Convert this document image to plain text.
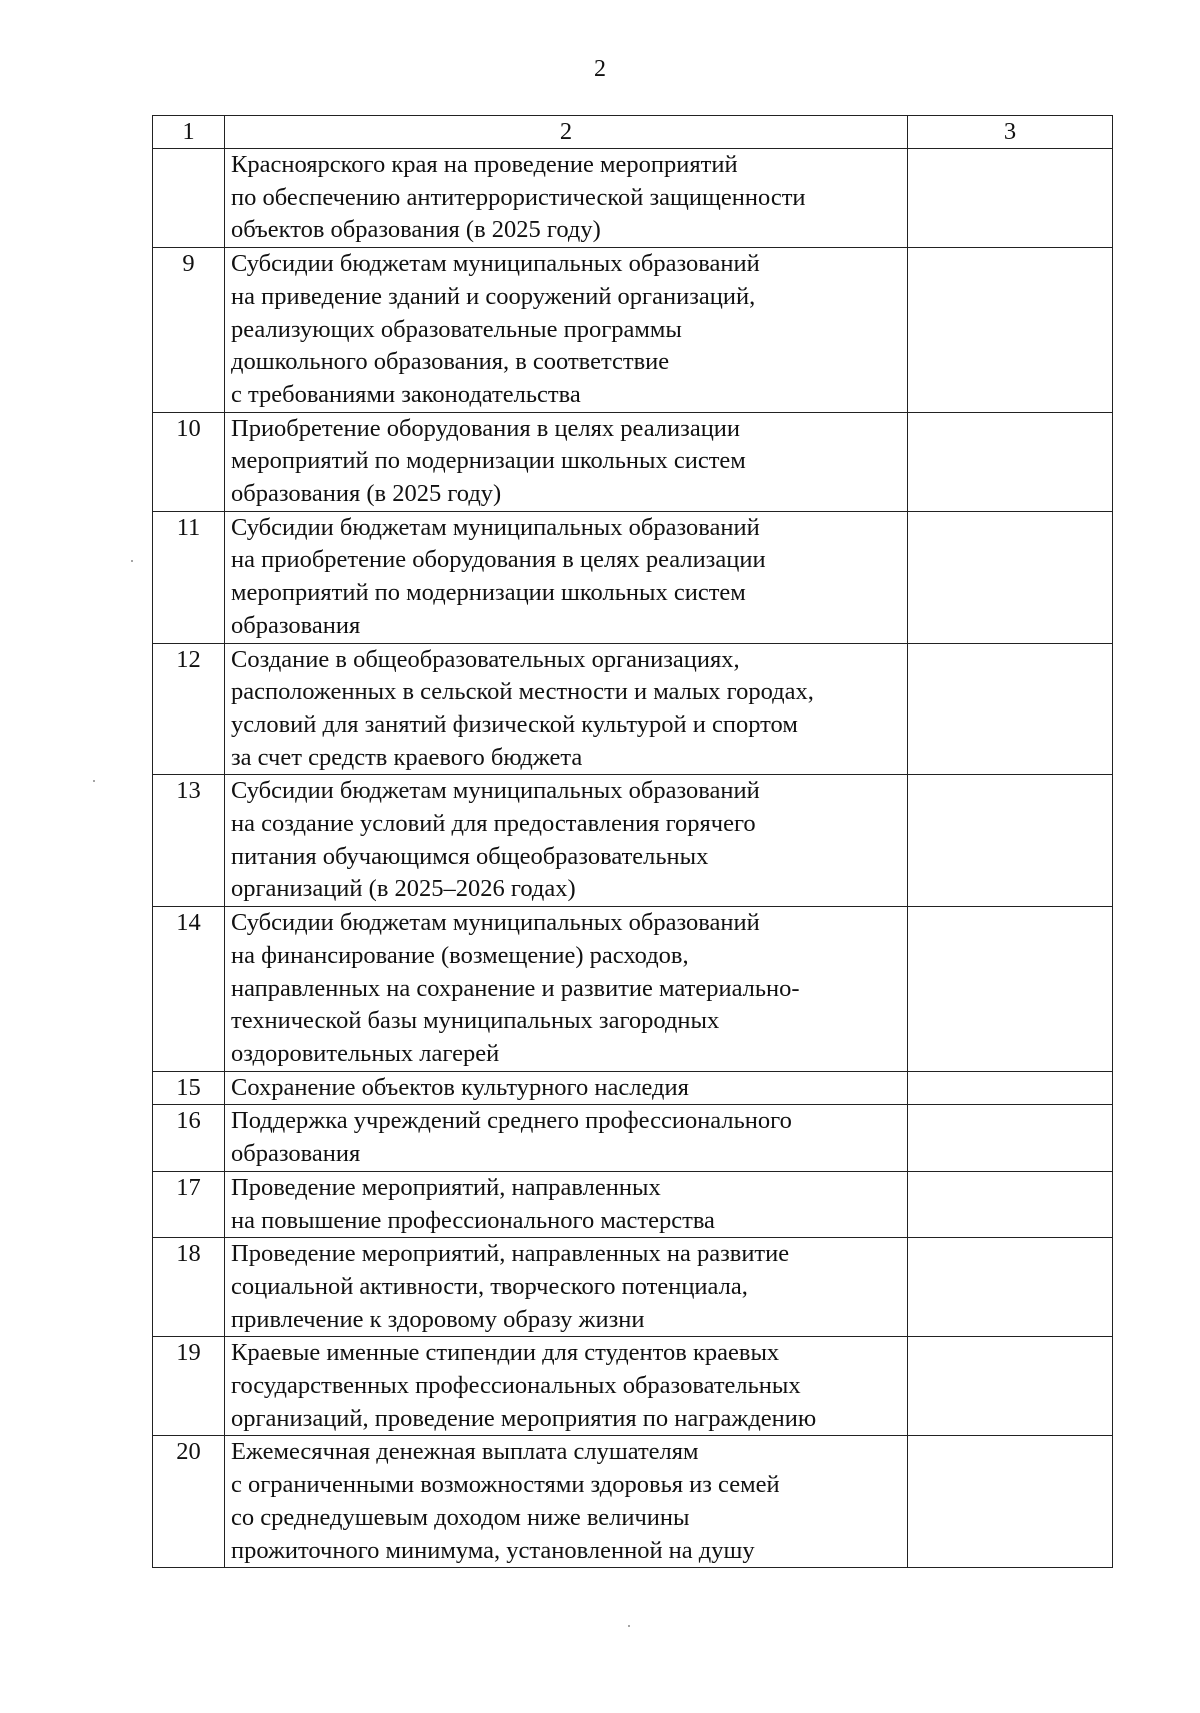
2
1	2	3
	Красноярского края на проведение мероприятий
по обеспечению антитеррористической защищенности
объектов образования (в 2025 году)	
9	Субсидии бюджетам муниципальных образований
на приведение зданий и сооружений организаций,
реализующих образовательные программы
дошкольного образования, в соответствие
с требованиями законодательства	
10	Приобретение оборудования в целях реализации
мероприятий по модернизации школьных систем
образования (в 2025 году)	
11	Субсидии бюджетам муниципальных образований
на приобретение оборудования в целях реализации
мероприятий по модернизации школьных систем
образования	
12	Создание в общеобразовательных организациях,
расположенных в сельской местности и малых городах,
условий для занятий физической культурой и спортом
за счет средств краевого бюджета	
13	Субсидии бюджетам муниципальных образований
на создание условий для предоставления горячего
питания обучающимся общеобразовательных
организаций (в 2025–2026 годах)	
14	Субсидии бюджетам муниципальных образований
на финансирование (возмещение) расходов,
направленных на сохранение и развитие материально-
технической базы муниципальных загородных
оздоровительных лагерей	
15	Сохранение объектов культурного наследия	
16	Поддержка учреждений среднего профессионального
образования	
17	Проведение мероприятий, направленных
на повышение профессионального мастерства	
18	Проведение мероприятий, направленных на развитие
социальной активности, творческого потенциала,
привлечение к здоровому образу жизни	
19	Краевые именные стипендии для студентов краевых
государственных профессиональных образовательных
организаций, проведение мероприятия по награждению	
20	Ежемесячная денежная выплата слушателям
с ограниченными возможностями здоровья из семей
со среднедушевым доходом ниже величины
прожиточного минимума, установленной на душу	
